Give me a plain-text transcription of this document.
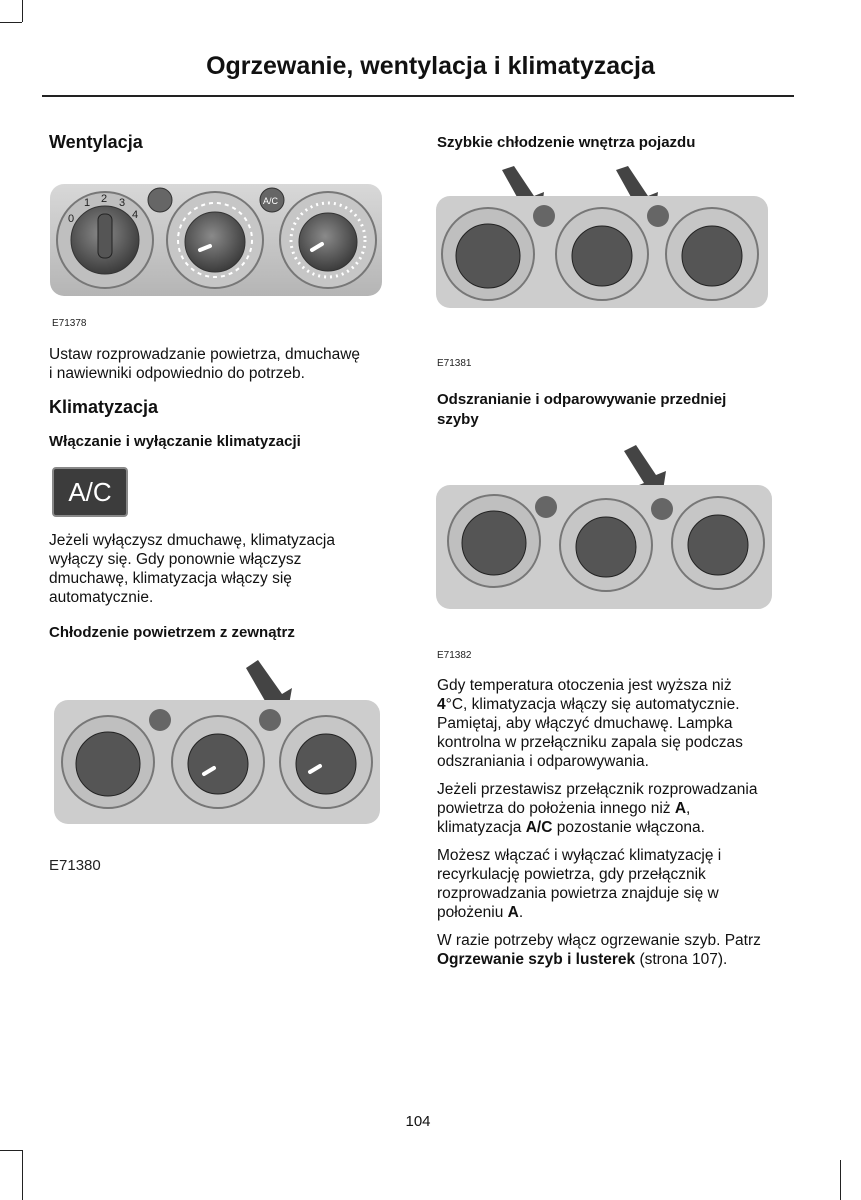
Ogrzewanie, wentylacja i klimatyzacja
Wentylacja
0
1 2 3
4
A/C
E71378
Ustaw rozprowadzanie powietrza, dmuchawę
i nawiewniki odpowiednio do potrzeb.
Klimatyzacja
Włączanie i wyłączanie klimatyzacji
A/C
Jeżeli wyłączysz dmuchawę, klimatyzacja
wyłączy się. Gdy ponownie włączysz
dmuchawę, klimatyzacja włączy się
automatycznie.
Chłodzenie powietrzem z zewnątrz
E71380
Szybkie chłodzenie wnętrza pojazdu
E71381
Odszranianie i odparowywanie przedniej
szyby
E71382
Gdy temperatura otoczenia jest wyższa niż
4°C, klimatyzacja włączy się automatycznie.
Pamiętaj, aby włączyć dmuchawę. Lampka
kontrolna w przełączniku zapala się podczas
odszraniania i odparowywania.
Jeżeli przestawisz przełącznik rozprowadzania
powietrza do położenia innego niż A,
klimatyzacja A/C pozostanie włączona.
Możesz włączać i wyłączać klimatyzację i
recyrkulację powietrza, gdy przełącznik
rozprowadzania powietrza znajduje się w
położeniu A.
W razie potrzeby włącz ogrzewanie szyb. Patrz
Ogrzewanie szyb i lusterek (strona 107).
104
